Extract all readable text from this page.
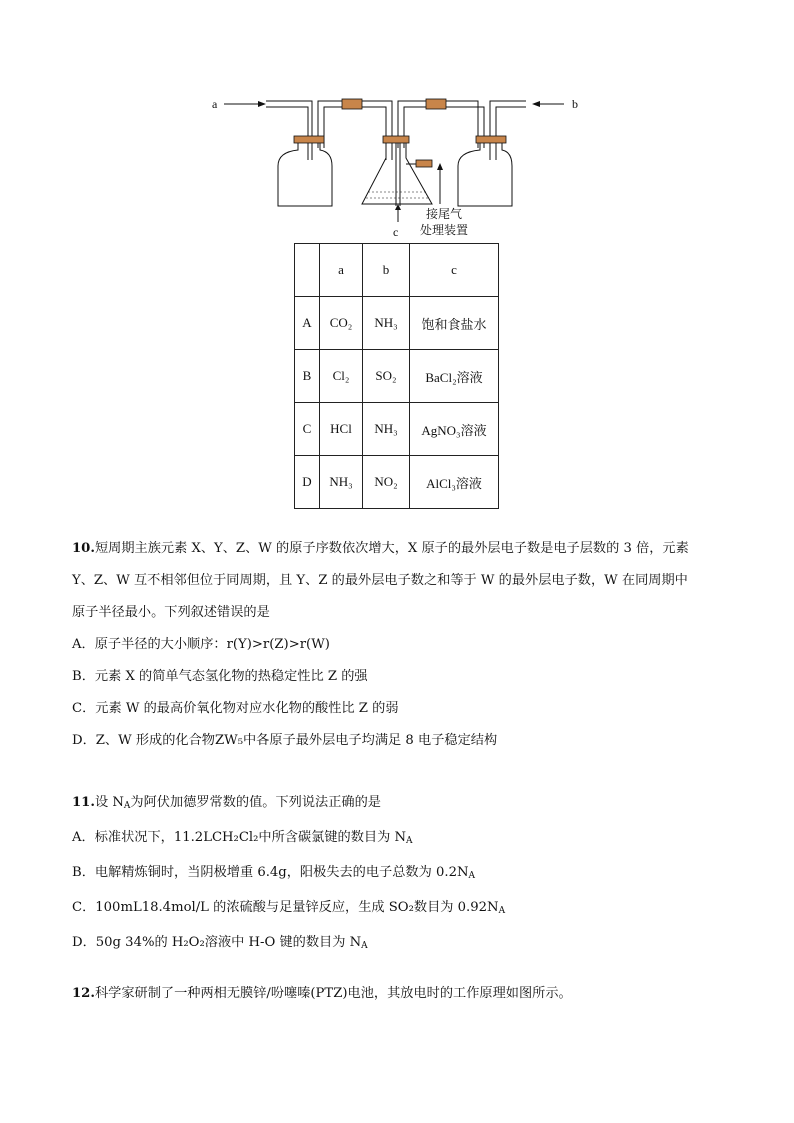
a	b
c
接尾气
处理装置
	a	b	c
A	CO₂	NH₃	饱和食盐水
B	Cl₂	SO₂	BaCl₂溶液
C	HCl	NH₃	AgNO₃溶液
D	NH₃	NO₂	AlCl₃溶液
10.短周期主族元素 X、Y、Z、W 的原子序数依次增大，X 原子的最外层电子数是电子层数的 3 倍，元素
Y、Z、W 互不相邻但位于同周期，且 Y、Z 的最外层电子数之和等于 W 的最外层电子数，W 在同周期中
原子半径最小。下列叙述错误的是
A．原子半径的大小顺序：r(Y)>r(Z)>r(W)
B．元素 X 的简单气态氢化物的热稳定性比 Z 的强
C．元素 W 的最高价氧化物对应水化物的酸性比 Z 的弱
D．Z、W 形成的化合物ZW₅中各原子最外层电子均满足 8 电子稳定结构
11.设 $N_A$为阿伏加德罗常数的值。下列说法正确的是
A．标准状况下，11.2LCH₂Cl₂中所含碳氯键的数目为 $N_A$
B．电解精炼铜时，当阴极增重 6.4g，阳极失去的电子总数为 $0.2N_A$
C．100mL18.4mol/L 的浓硫酸与足量锌反应，生成 SO₂数目为 $0.92N_A$
D．50g 34%的 H₂O₂溶液中 H-O 键的数目为 $N_A$
12.科学家研制了一种两相无膜锌/吩噻嗪(PTZ)电池，其放电时的工作原理如图所示。
